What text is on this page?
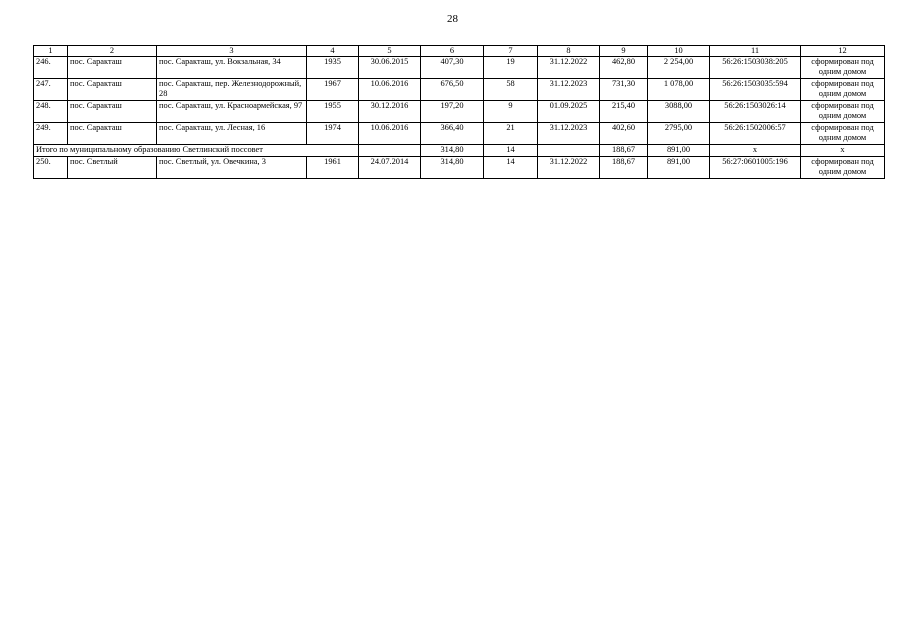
28
1	2	3	4	5	6	7	8	9	10	11	12
246.	пос. Саракташ	пос. Саракташ, ул. Вокзальная, 34	1935	30.06.2015	407,30	19	31.12.2022	462,80	2 254,00	56:26:1503038:205	сформирован под одним домом
247.	пос. Саракташ	пос. Саракташ, пер. Железнодорожный, 28	1967	10.06.2016	676,50	58	31.12.2023	731,30	1 078,00	56:26:1503035:594	сформирован под одним домом
248.	пос. Саракташ	пос. Саракташ, ул. Красноармейская, 97	1955	30.12.2016	197,20	9	01.09.2025	215,40	3088,00	56:26:1503026:14	сформирован под одним домом
249.	пос. Саракташ	пос. Саракташ, ул. Лесная, 16	1974	10.06.2016	366,40	21	31.12.2023	402,60	2795,00	56:26:1502006:57	сформирован под одним домом
Итого по муниципальному образованию Светлинский поссовет					314,80	14		188,67	891,00	x	x
250.	пос. Светлый	пос. Светлый, ул. Овечкина, 3	1961	24.07.2014	314,80	14	31.12.2022	188,67	891,00	56:27:0601005:196	сформирован под одним домом
